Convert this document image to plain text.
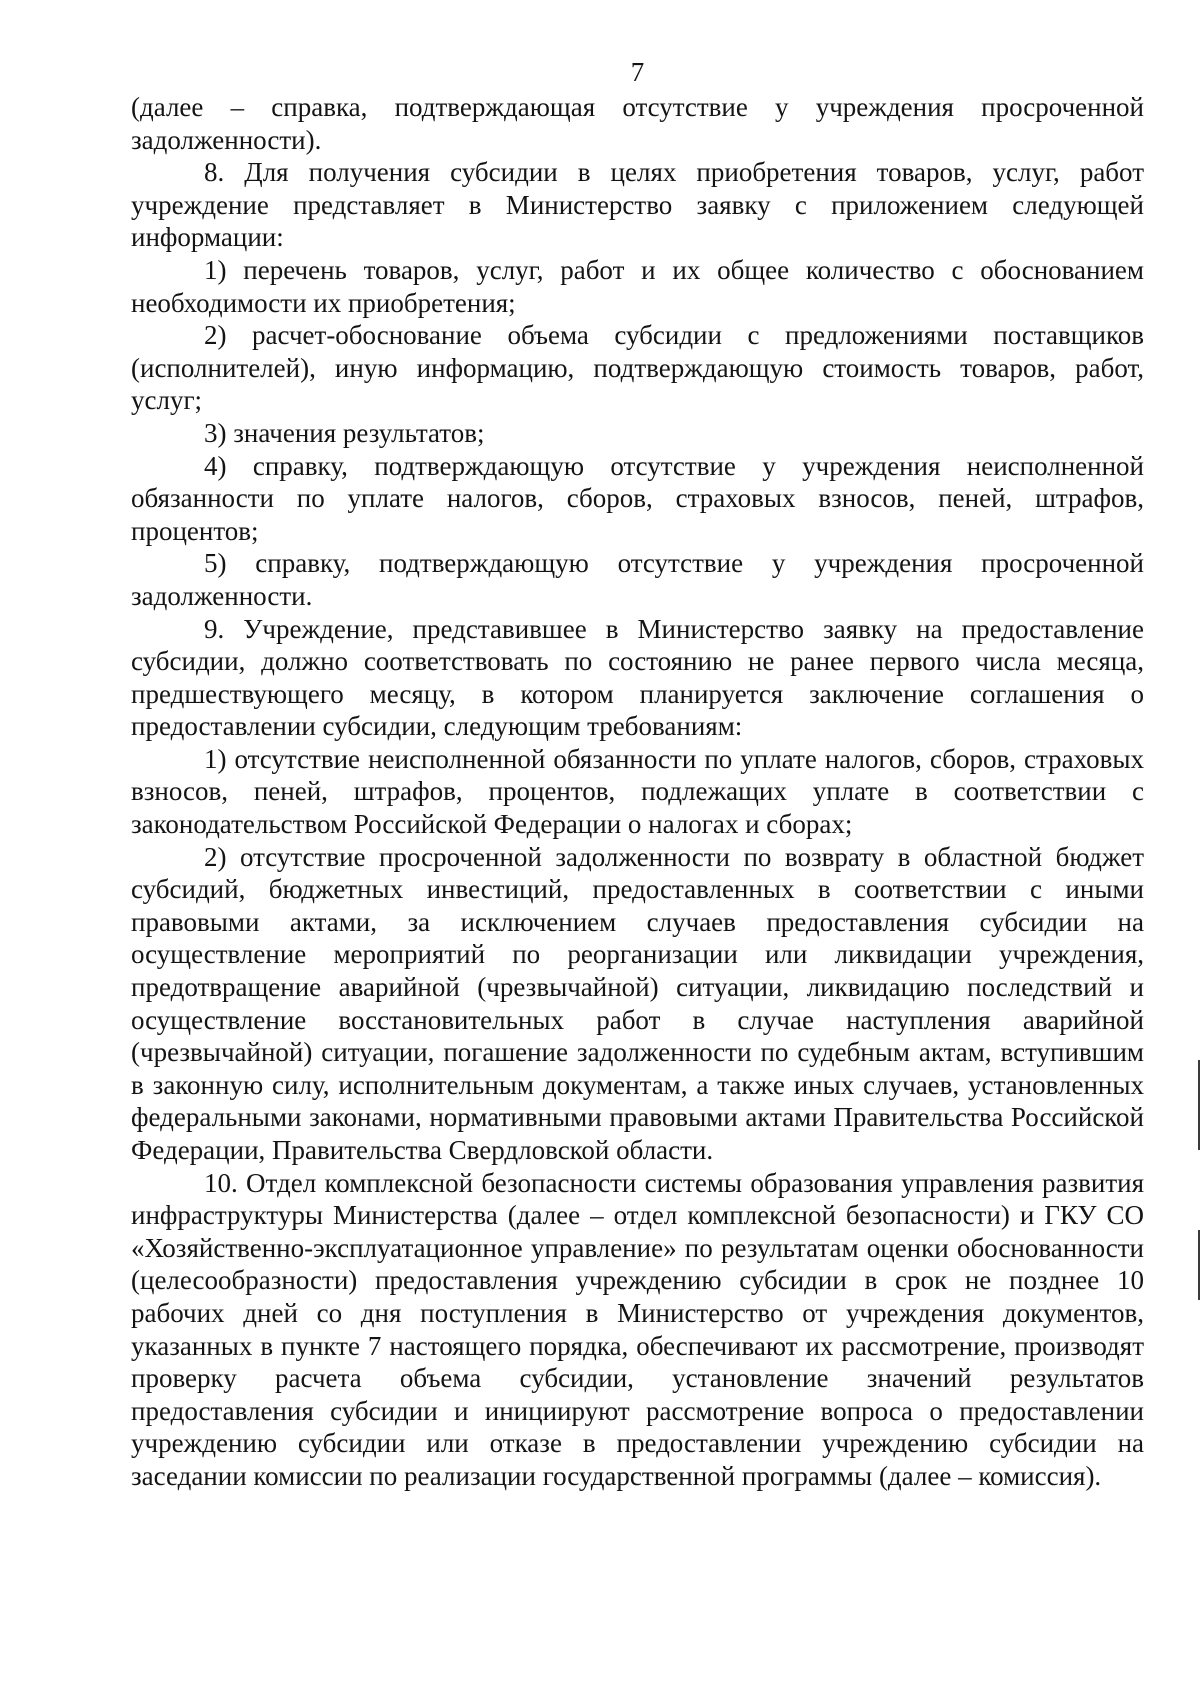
7

(далее – справка, подтверждающая отсутствие у учреждения просроченной задолженности).

8. Для получения субсидии в целях приобретения товаров, услуг, работ учреждение представляет в Министерство заявку с приложением следующей информации:

1) перечень товаров, услуг, работ и их общее количество с обоснованием необходимости их приобретения;

2) расчет-обоснование объема субсидии с предложениями поставщиков (исполнителей), иную информацию, подтверждающую стоимость товаров, работ, услуг;

3) значения результатов;

4) справку, подтверждающую отсутствие у учреждения неисполненной обязанности по уплате налогов, сборов, страховых взносов, пеней, штрафов, процентов;

5) справку, подтверждающую отсутствие у учреждения просроченной задолженности.

9. Учреждение, представившее в Министерство заявку на предоставление субсидии, должно соответствовать по состоянию не ранее первого числа месяца, предшествующего месяцу, в котором планируется заключение соглашения о предоставлении субсидии, следующим требованиям:

1) отсутствие неисполненной обязанности по уплате налогов, сборов, страховых взносов, пеней, штрафов, процентов, подлежащих уплате в соответствии с законодательством Российской Федерации о налогах и сборах;

2) отсутствие просроченной задолженности по возврату в областной бюджет субсидий, бюджетных инвестиций, предоставленных в соответствии с иными правовыми актами, за исключением случаев предоставления субсидии на осуществление мероприятий по реорганизации или ликвидации учреждения, предотвращение аварийной (чрезвычайной) ситуации, ликвидацию последствий и осуществление восстановительных работ в случае наступления аварийной (чрезвычайной) ситуации, погашение задолженности по судебным актам, вступившим в законную силу, исполнительным документам, а также иных случаев, установленных федеральными законами, нормативными правовыми актами Правительства Российской Федерации, Правительства Свердловской области.

10. Отдел комплексной безопасности системы образования управления развития инфраструктуры Министерства (далее – отдел комплексной безопасности) и ГКУ СО «Хозяйственно-эксплуатационное управление» по результатам оценки обоснованности (целесообразности) предоставления учреждению субсидии в срок не позднее 10 рабочих дней со дня поступления в Министерство от учреждения документов, указанных в пункте 7 настоящего порядка, обеспечивают их рассмотрение, производят проверку расчета объема субсидии, установление значений результатов предоставления субсидии и инициируют рассмотрение вопроса о предоставлении учреждению субсидии или отказе в предоставлении учреждению субсидии на заседании комиссии по реализации государственной программы (далее – комиссия).
